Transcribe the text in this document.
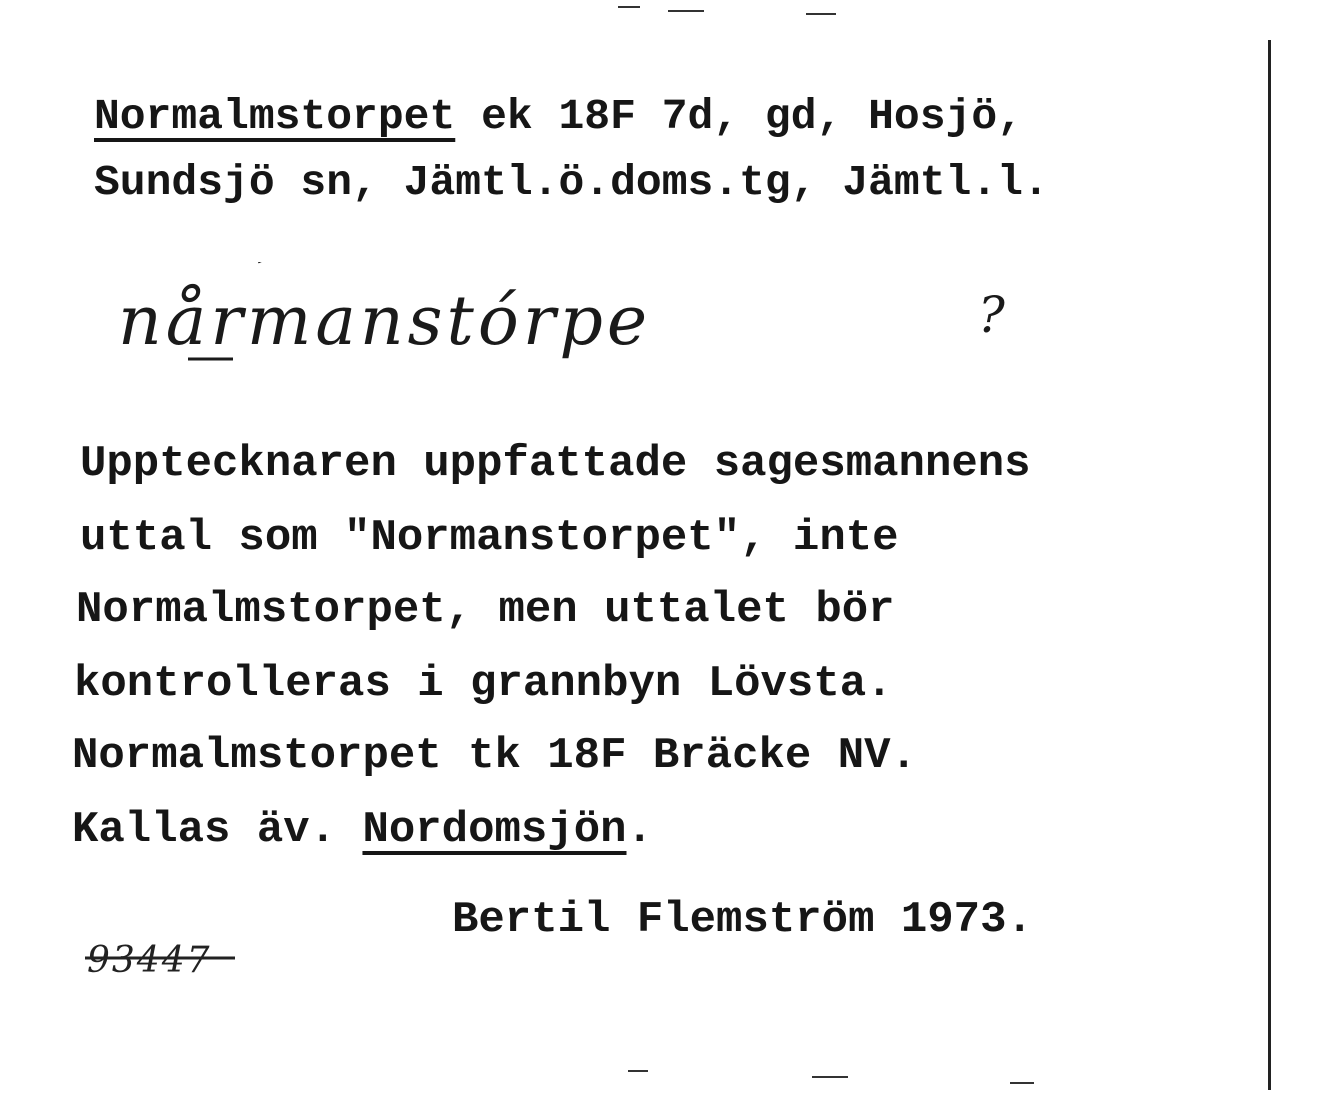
Normalmstorpet ek 18F 7d, gd, Hosjö,
Sundsjö sn, Jämtl.ö.doms.tg, Jämtl.l.
nårmanstórpe	?
Upptecknaren uppfattade sagesmannens
uttal som "Normanstorpet", inte
Normalmstorpet, men uttalet bör
kontrolleras i grannbyn Lövsta.
Normalmstorpet tk 18F Bräcke NV.
Kallas äv. Nordomsjön.
Bertil Flemström 1973.
93447
